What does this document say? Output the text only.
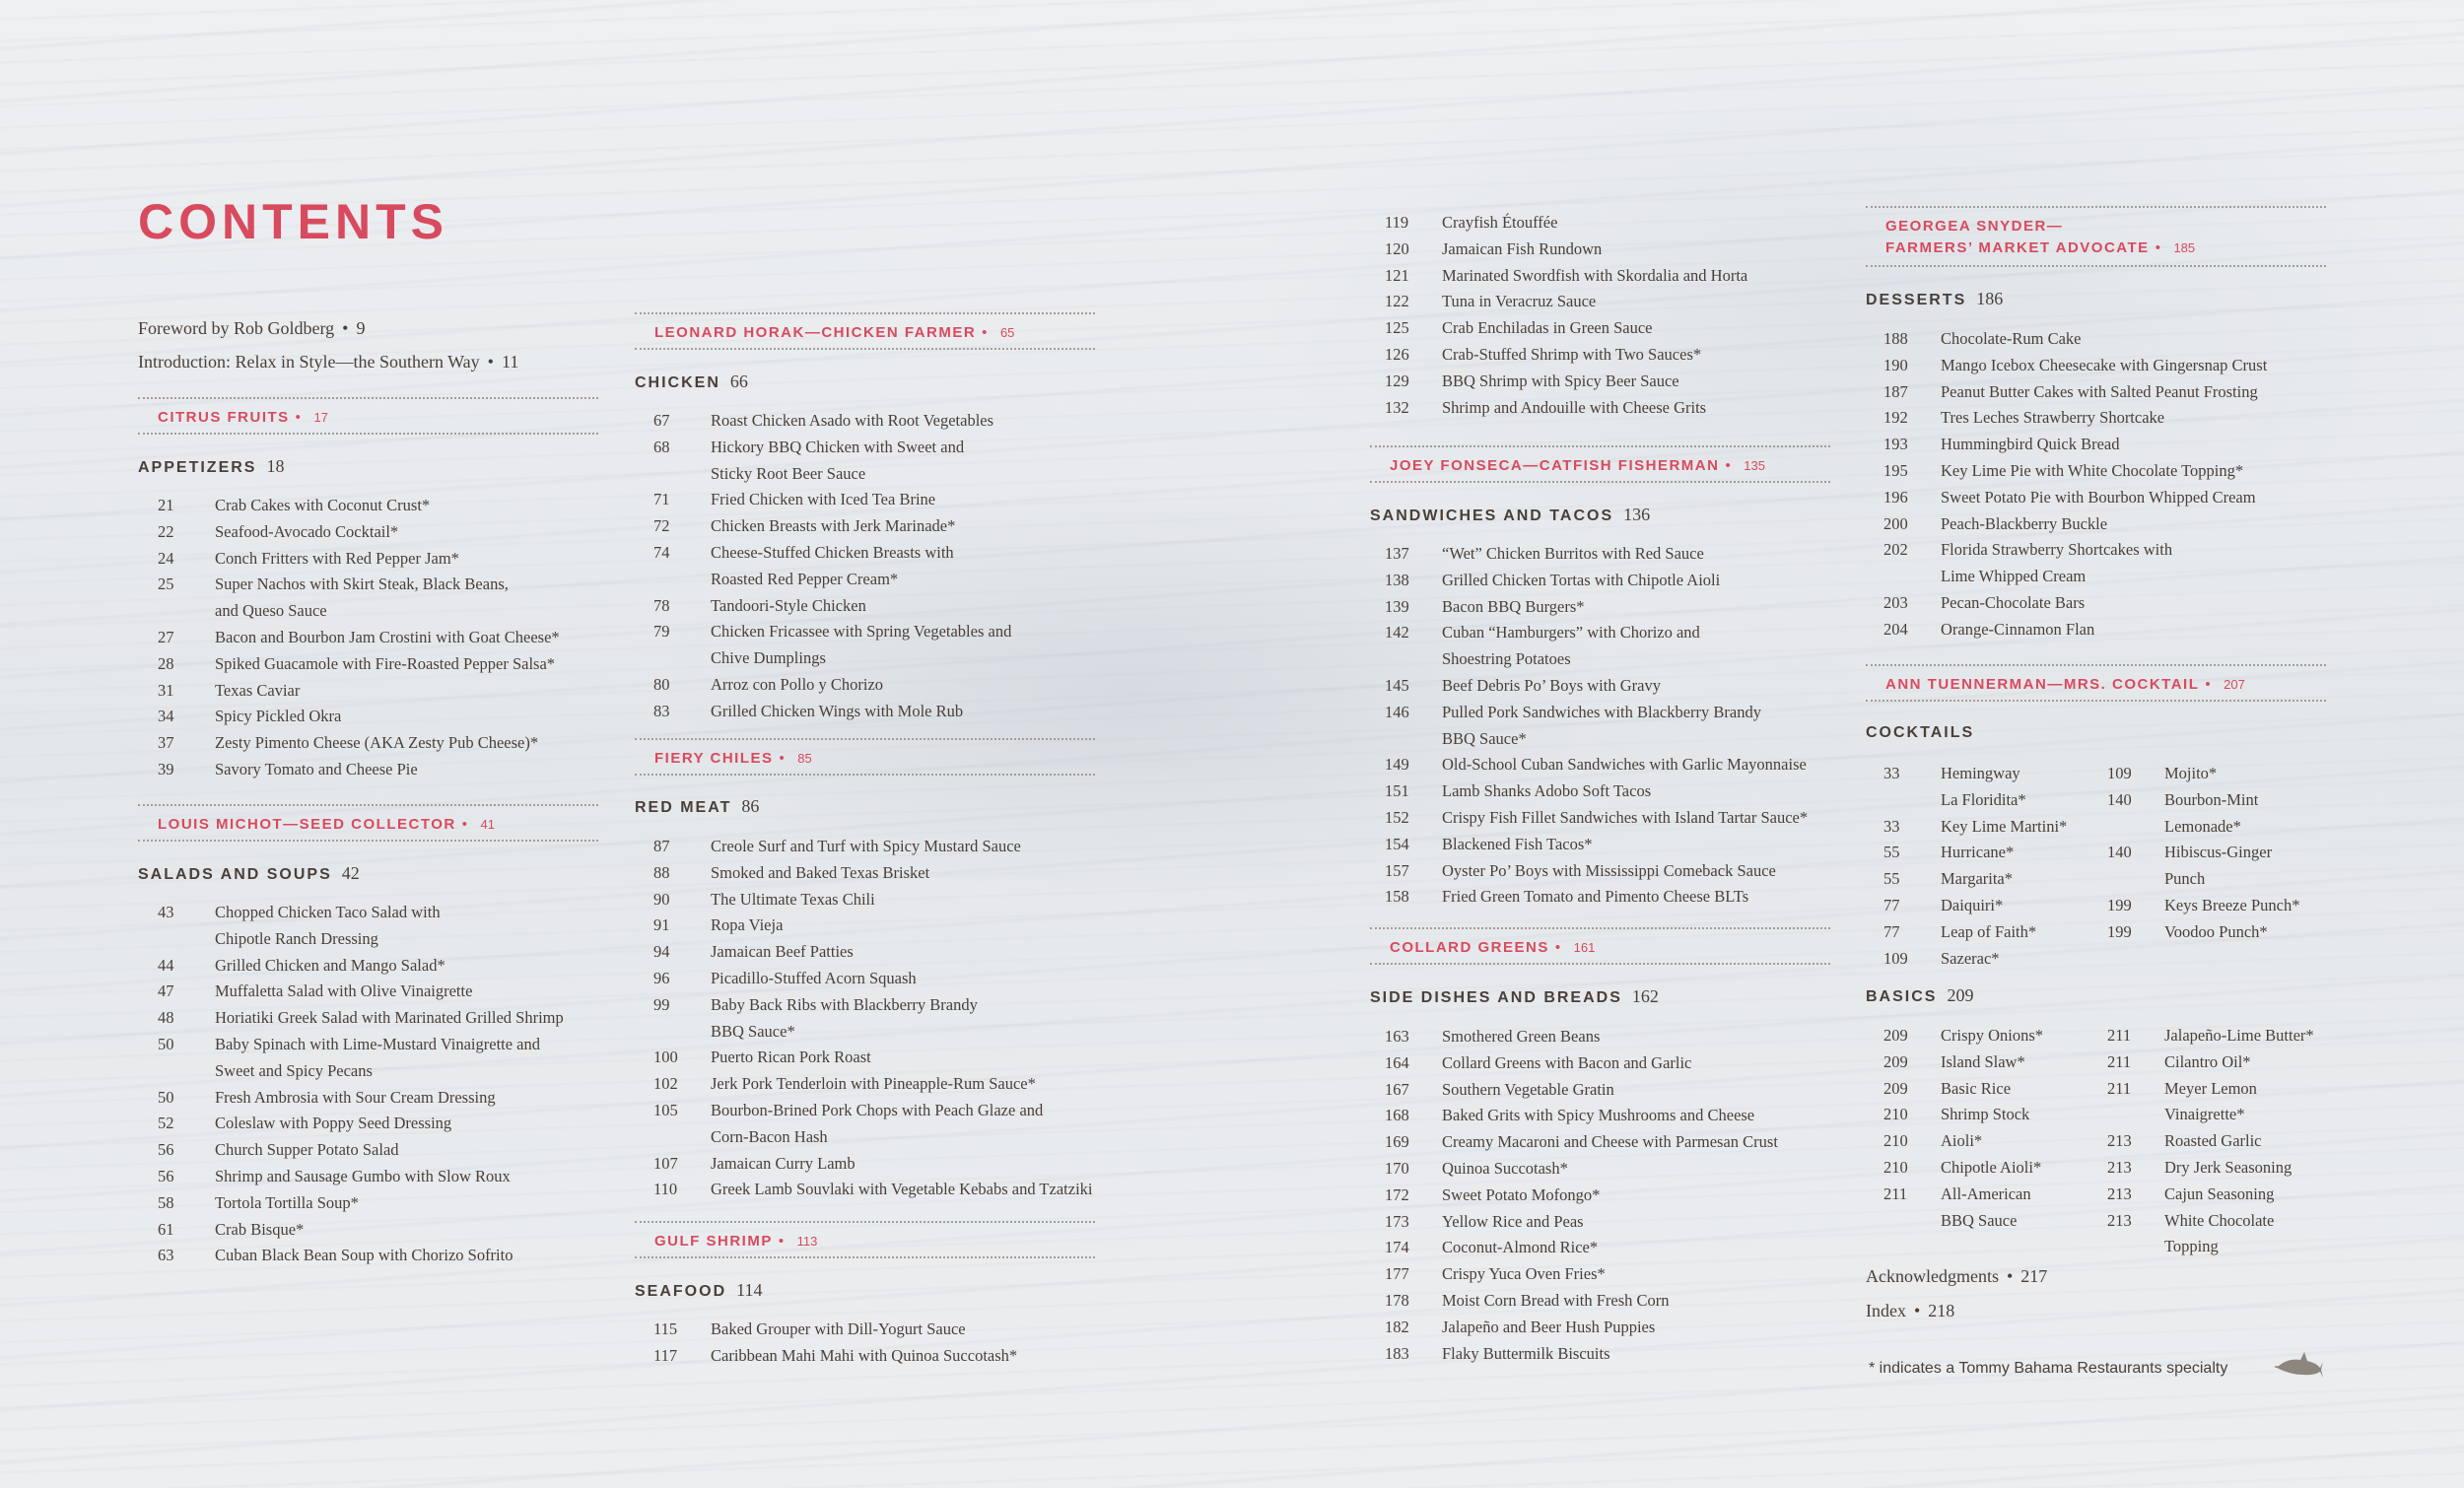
CONTENTS
Foreword by Rob Goldberg • 9
Introduction: Relax in Style—the Southern Way • 11
CITRUS FRUITS • 17
APPETIZERS 18
21	Crab Cakes with Coconut Crust*
22	Seafood-Avocado Cocktail*
24	Conch Fritters with Red Pepper Jam*
25	Super Nachos with Skirt Steak, Black Beans,
and Queso Sauce
27	Bacon and Bourbon Jam Crostini with Goat Cheese*
28	Spiked Guacamole with Fire-Roasted Pepper Salsa*
31	Texas Caviar
34	Spicy Pickled Okra
37	Zesty Pimento Cheese (AKA Zesty Pub Cheese)*
39	Savory Tomato and Cheese Pie
LOUIS MICHOT—SEED COLLECTOR • 41
SALADS AND SOUPS 42
43	Chopped Chicken Taco Salad with
Chipotle Ranch Dressing
44	Grilled Chicken and Mango Salad*
47	Muffaletta Salad with Olive Vinaigrette
48	Horiatiki Greek Salad with Marinated Grilled Shrimp
50	Baby Spinach with Lime-Mustard Vinaigrette and
Sweet and Spicy Pecans
50	Fresh Ambrosia with Sour Cream Dressing
52	Coleslaw with Poppy Seed Dressing
56	Church Supper Potato Salad
56	Shrimp and Sausage Gumbo with Slow Roux
58	Tortola Tortilla Soup*
61	Crab Bisque*
63	Cuban Black Bean Soup with Chorizo Sofrito
LEONARD HORAK—CHICKEN FARMER • 65
CHICKEN 66
67	Roast Chicken Asado with Root Vegetables
68	Hickory BBQ Chicken with Sweet and
Sticky Root Beer Sauce
71	Fried Chicken with Iced Tea Brine
72	Chicken Breasts with Jerk Marinade*
74	Cheese-Stuffed Chicken Breasts with
Roasted Red Pepper Cream*
78	Tandoori-Style Chicken
79	Chicken Fricassee with Spring Vegetables and
Chive Dumplings
80	Arroz con Pollo y Chorizo
83	Grilled Chicken Wings with Mole Rub
FIERY CHILES • 85
RED MEAT 86
87	Creole Surf and Turf with Spicy Mustard Sauce
88	Smoked and Baked Texas Brisket
90	The Ultimate Texas Chili
91	Ropa Vieja
94	Jamaican Beef Patties
96	Picadillo-Stuffed Acorn Squash
99	Baby Back Ribs with Blackberry Brandy
BBQ Sauce*
100	Puerto Rican Pork Roast
102	Jerk Pork Tenderloin with Pineapple-Rum Sauce*
105	Bourbon-Brined Pork Chops with Peach Glaze and
Corn-Bacon Hash
107	Jamaican Curry Lamb
110	Greek Lamb Souvlaki with Vegetable Kebabs and Tzatziki
GULF SHRIMP • 113
SEAFOOD 114
115	Baked Grouper with Dill-Yogurt Sauce
117	Caribbean Mahi Mahi with Quinoa Succotash*
119	Crayfish Étouffée
120	Jamaican Fish Rundown
121	Marinated Swordfish with Skordalia and Horta
122	Tuna in Veracruz Sauce
125	Crab Enchiladas in Green Sauce
126	Crab-Stuffed Shrimp with Two Sauces*
129	BBQ Shrimp with Spicy Beer Sauce
132	Shrimp and Andouille with Cheese Grits
JOEY FONSECA—CATFISH FISHERMAN • 135
SANDWICHES AND TACOS 136
137	“Wet” Chicken Burritos with Red Sauce
138	Grilled Chicken Tortas with Chipotle Aioli
139	Bacon BBQ Burgers*
142	Cuban “Hamburgers” with Chorizo and
Shoestring Potatoes
145	Beef Debris Po’ Boys with Gravy
146	Pulled Pork Sandwiches with Blackberry Brandy
BBQ Sauce*
149	Old-School Cuban Sandwiches with Garlic Mayonnaise
151	Lamb Shanks Adobo Soft Tacos
152	Crispy Fish Fillet Sandwiches with Island Tartar Sauce*
154	Blackened Fish Tacos*
157	Oyster Po’ Boys with Mississippi Comeback Sauce
158	Fried Green Tomato and Pimento Cheese BLTs
COLLARD GREENS • 161
SIDE DISHES AND BREADS 162
163	Smothered Green Beans
164	Collard Greens with Bacon and Garlic
167	Southern Vegetable Gratin
168	Baked Grits with Spicy Mushrooms and Cheese
169	Creamy Macaroni and Cheese with Parmesan Crust
170	Quinoa Succotash*
172	Sweet Potato Mofongo*
173	Yellow Rice and Peas
174	Coconut-Almond Rice*
177	Crispy Yuca Oven Fries*
178	Moist Corn Bread with Fresh Corn
182	Jalapeño and Beer Hush Puppies
183	Flaky Buttermilk Biscuits
GEORGEA SNYDER—
FARMERS’ MARKET ADVOCATE • 185
DESSERTS 186
188	Chocolate-Rum Cake
190	Mango Icebox Cheesecake with Gingersnap Crust
187	Peanut Butter Cakes with Salted Peanut Frosting
192	Tres Leches Strawberry Shortcake
193	Hummingbird Quick Bread
195	Key Lime Pie with White Chocolate Topping*
196	Sweet Potato Pie with Bourbon Whipped Cream
200	Peach-Blackberry Buckle
202	Florida Strawberry Shortcakes with
Lime Whipped Cream
203	Pecan-Chocolate Bars
204	Orange-Cinnamon Flan
ANN TUENNERMAN—MRS. COCKTAIL • 207
COCKTAILS
33	Hemingway
La Floridita*
33	Key Lime Martini*
55	Hurricane*
55	Margarita*
77	Daiquiri*
77	Leap of Faith*
109	Sazerac*
109	Mojito*
140	Bourbon-Mint
Lemonade*
140	Hibiscus-Ginger
Punch
199	Keys Breeze Punch*
199	Voodoo Punch*
BASICS 209
209	Crispy Onions*
209	Island Slaw*
209	Basic Rice
210	Shrimp Stock
210	Aioli*
210	Chipotle Aioli*
211	All-American
BBQ Sauce
211	Jalapeño-Lime Butter*
211	Cilantro Oil*
211	Meyer Lemon
Vinaigrette*
213	Roasted Garlic
213	Dry Jerk Seasoning
213	Cajun Seasoning
213	White Chocolate
Topping
Acknowledgments • 217
Index • 218
* indicates a Tommy Bahama Restaurants specialty
